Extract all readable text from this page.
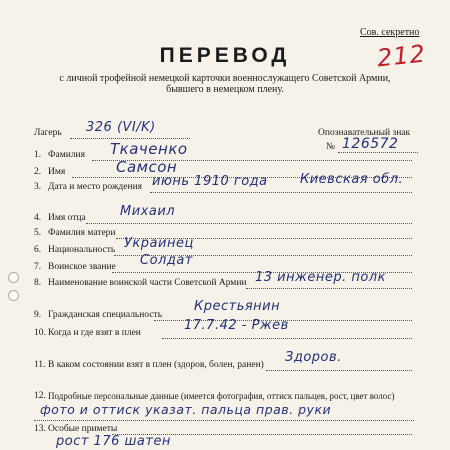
Сов. секретно
212
ПЕРЕВОД
с личной трофейной немецкой карточки военнослужащего Советской Армии, бывшего в немецком плену.
Лагерь 326 (VI/K)	Опознавательный знак
№ 126572
1. Фамилия Ткаченко
2. Имя	Самсон
3. Дата и место рождения июнь 1910 года Киевская обл.
4. Имя отца	Михаил
5. Фамилия матери
6. Национальность Украинец
7. Воинское звание Солдат
8. Наименование воинской части Советской Армии 13 инженер. полк
9. Гражданская специальность
Крестьянин
10. Когда и где взят в плен	17.7.42 - Ржев
11. В каком состоянии взят в плен (здоров, болен, ранен) Здоров.
12. Подробные персональные данные (имеется фотография, оттиск пальцев, рост, цвет волос)
фото и оттиск указат. пальца прав. руки
13. Особые приметы
рост 176 шатен
